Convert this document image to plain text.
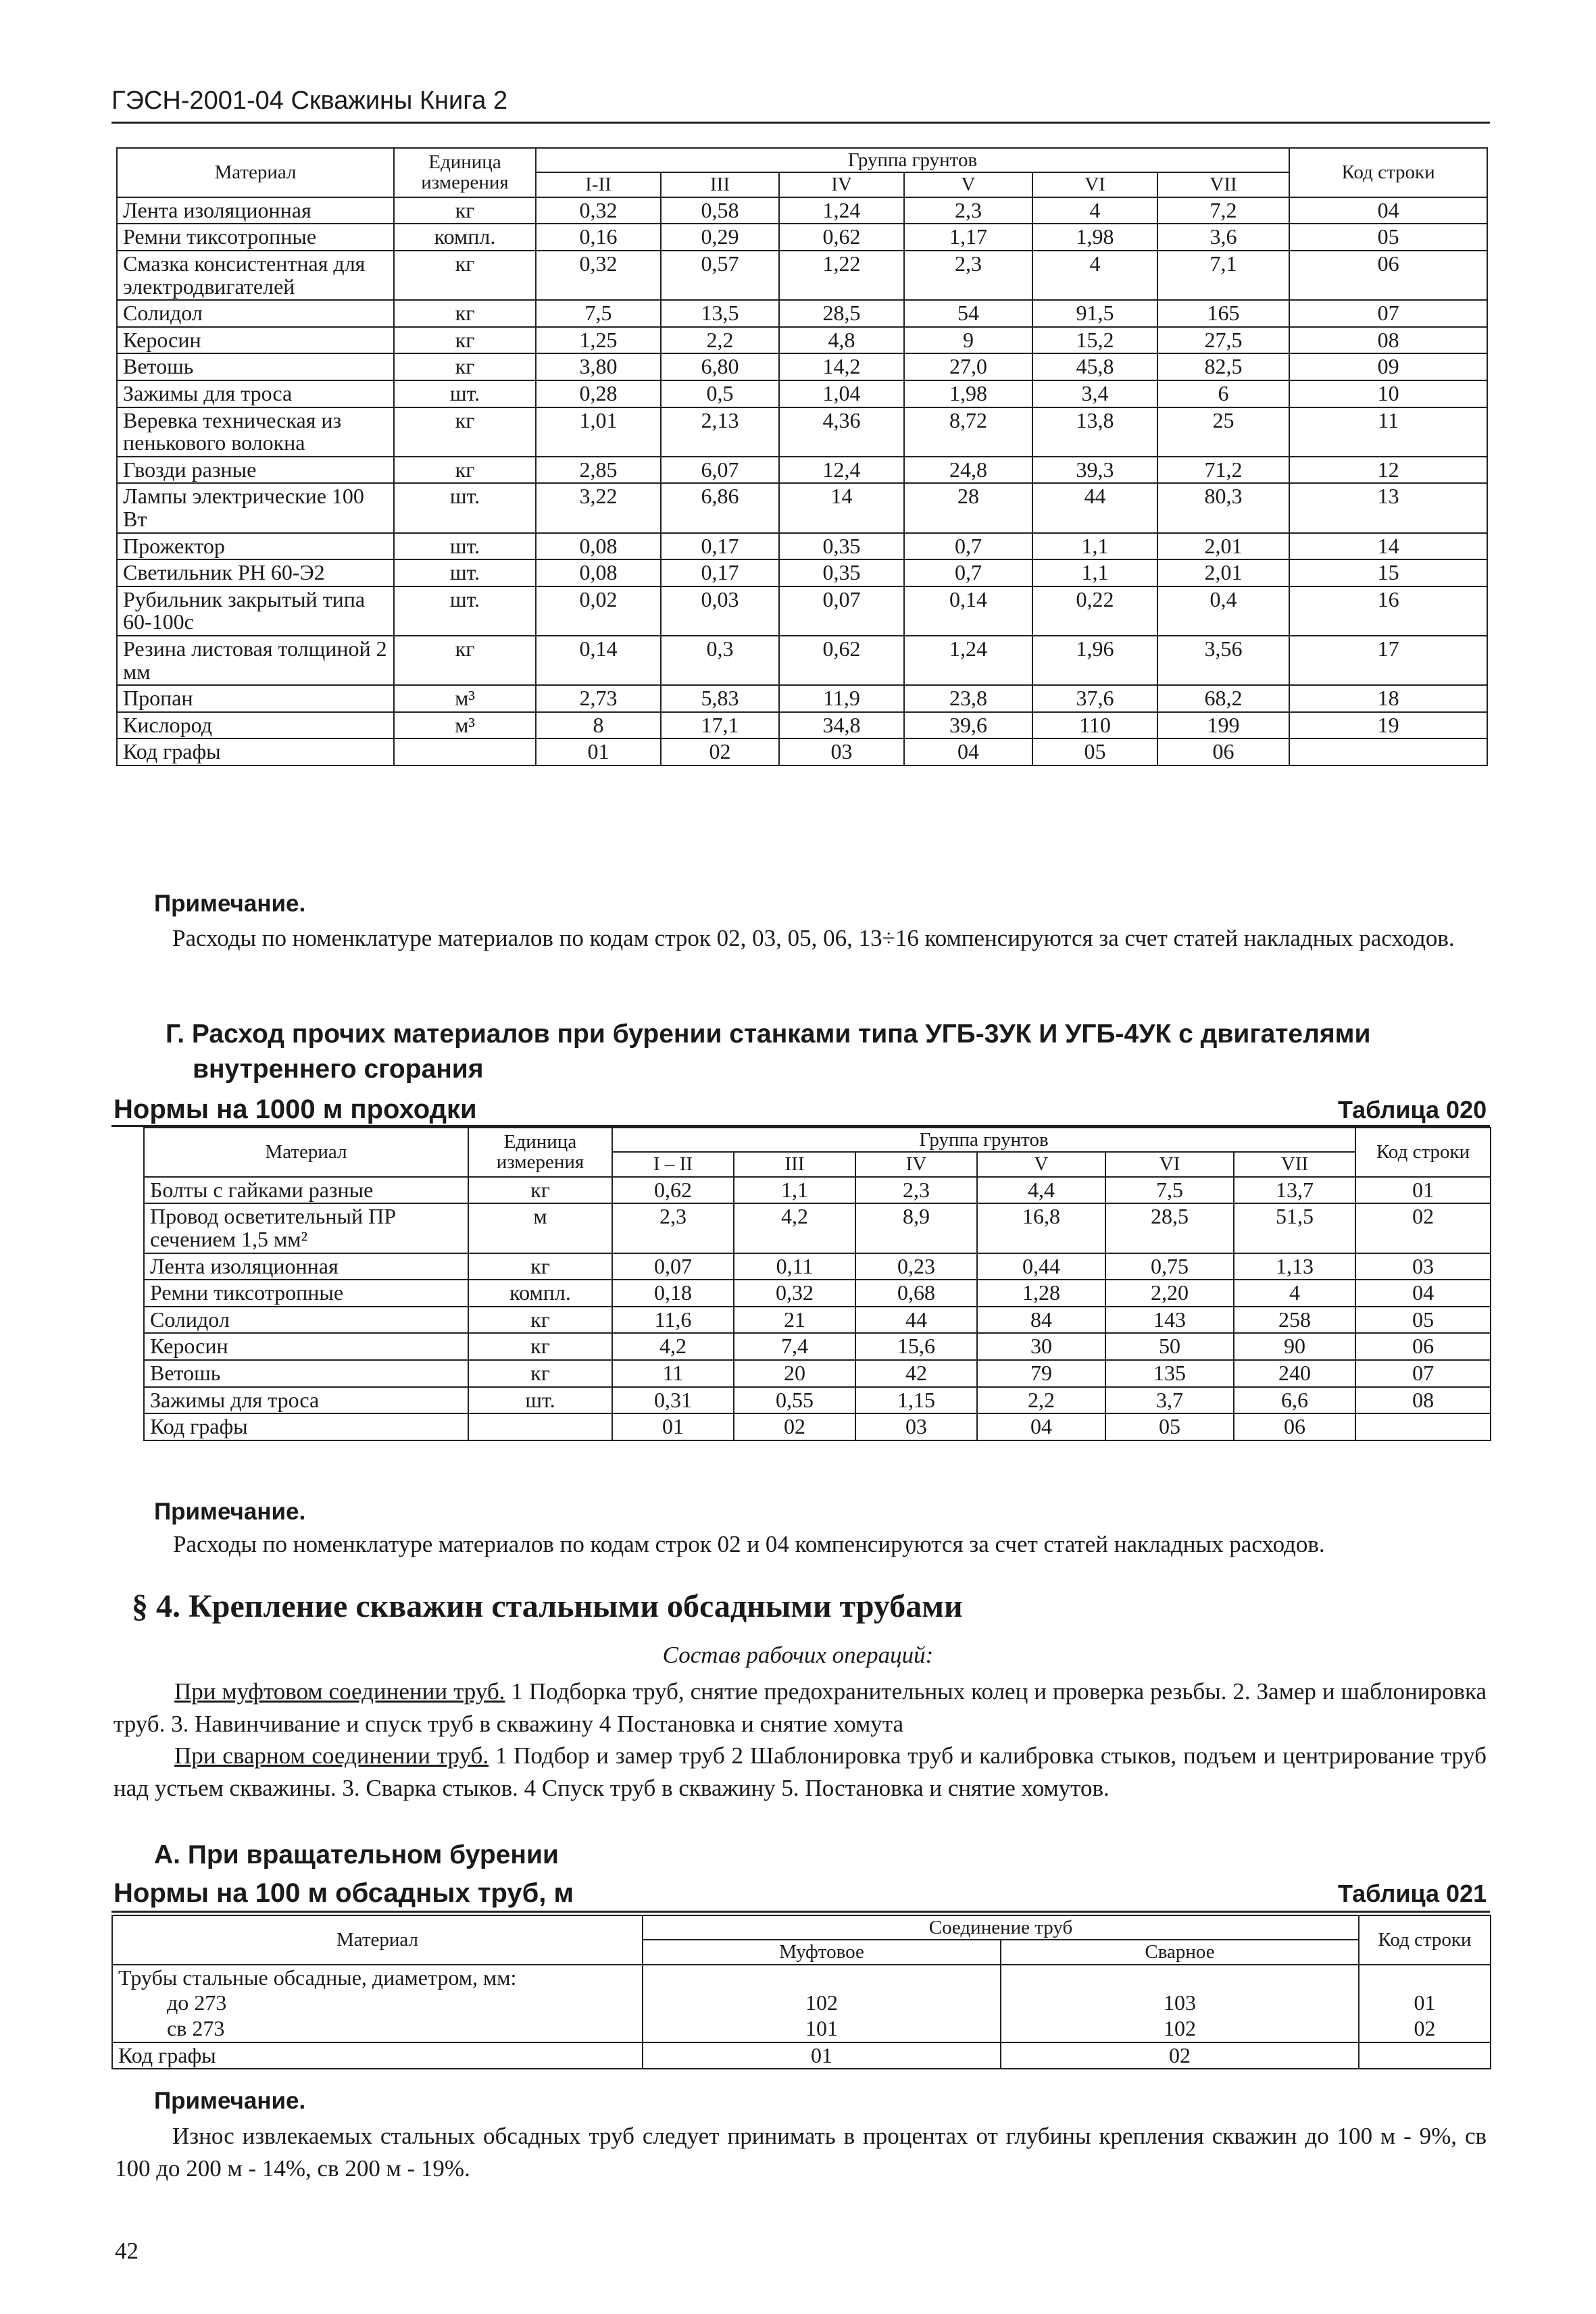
ГЭСН-2001-04 Скважины Книга 2
Материал	Единица измерения	Группа грунтов						Код строки
		I-II	III	IV	V	VI	VII	
Лента изоляционная	кг	0,32	0,58	1,24	2,3	4	7,2	04
Ремни тиксотропные	компл.	0,16	0,29	0,62	1,17	1,98	3,6	05
Смазка консистентная для электродвигателей	кг	0,32	0,57	1,22	2,3	4	7,1	06
Солидол	кг	7,5	13,5	28,5	54	91,5	165	07
Керосин	кг	1,25	2,2	4,8	9	15,2	27,5	08
Ветошь	кг	3,80	6,80	14,2	27,0	45,8	82,5	09
Зажимы для троса	шт.	0,28	0,5	1,04	1,98	3,4	6	10
Веревка техническая из пенькового волокна	кг	1,01	2,13	4,36	8,72	13,8	25	11
Гвозди разные	кг	2,85	6,07	12,4	24,8	39,3	71,2	12
Лампы электрические 100 Вт	шт.	3,22	6,86	14	28	44	80,3	13
Прожектор	шт.	0,08	0,17	0,35	0,7	1,1	2,01	14
Светильник РН 60-Э2	шт.	0,08	0,17	0,35	0,7	1,1	2,01	15
Рубильник закрытый типа 60-100с	шт.	0,02	0,03	0,07	0,14	0,22	0,4	16
Резина листовая толщиной 2 мм	кг	0,14	0,3	0,62	1,24	1,96	3,56	17
Пропан	м³	2,73	5,83	11,9	23,8	37,6	68,2	18
Кислород	м³	8	17,1	34,8	39,6	110	199	19
Код графы		01	02	03	04	05	06	
Примечание.
Расходы по номенклатуре материалов по кодам строк 02, 03, 05, 06, 13÷16 компенсируются за счет статей накладных расходов.
Г. Расход прочих материалов при бурении станками типа УГБ-3УК И УГБ-4УК с двигателями внутреннего сгорания
Нормы на 1000 м проходки	Таблица 020
Материал	Единица измерения	Группа грунтов						Код строки
		I – II	III	IV	V	VI	VII	
Болты с гайками разные	кг	0,62	1,1	2,3	4,4	7,5	13,7	01
Провод осветительный ПР сечением 1,5 мм²	м	2,3	4,2	8,9	16,8	28,5	51,5	02
Лента изоляционная	кг	0,07	0,11	0,23	0,44	0,75	1,13	03
Ремни тиксотропные	компл.	0,18	0,32	0,68	1,28	2,20	4	04
Солидол	кг	11,6	21	44	84	143	258	05
Керосин	кг	4,2	7,4	15,6	30	50	90	06
Ветошь	кг	11	20	42	79	135	240	07
Зажимы для троса	шт.	0,31	0,55	1,15	2,2	3,7	6,6	08
Код графы		01	02	03	04	05	06	
Примечание.
Расходы по номенклатуре материалов по кодам строк 02 и 04 компенсируются за счет статей накладных расходов.
§ 4. Крепление скважин стальными обсадными трубами
Состав рабочих операций:
При муфтовом соединении труб. 1 Подборка труб, снятие предохранительных колец и проверка резьбы. 2. Замер и шаблонировка труб. 3. Навинчивание и спуск труб в скважину 4 Постановка и снятие хомута
При сварном соединении труб. 1 Подбор и замер труб 2 Шаблонировка труб и калибровка стыков, подъем и центрирование труб над устьем скважины. 3. Сварка стыков. 4 Спуск труб в скважину 5. Постановка и снятие хомутов.
А. При вращательном бурении
Нормы на 100 м обсадных труб, м	Таблица 021
Материал	Соединение труб		Код строки
	Муфтовое	Сварное	
Трубы стальные обсадные, диаметром, мм:			
до 273	102	103	01
св 273	101	102	02
Код графы	01	02	
Примечание.
Износ извлекаемых стальных обсадных труб следует принимать в процентах от глубины крепления скважин до 100 м - 9%, св 100 до 200 м - 14%, св 200 м - 19%.
42
